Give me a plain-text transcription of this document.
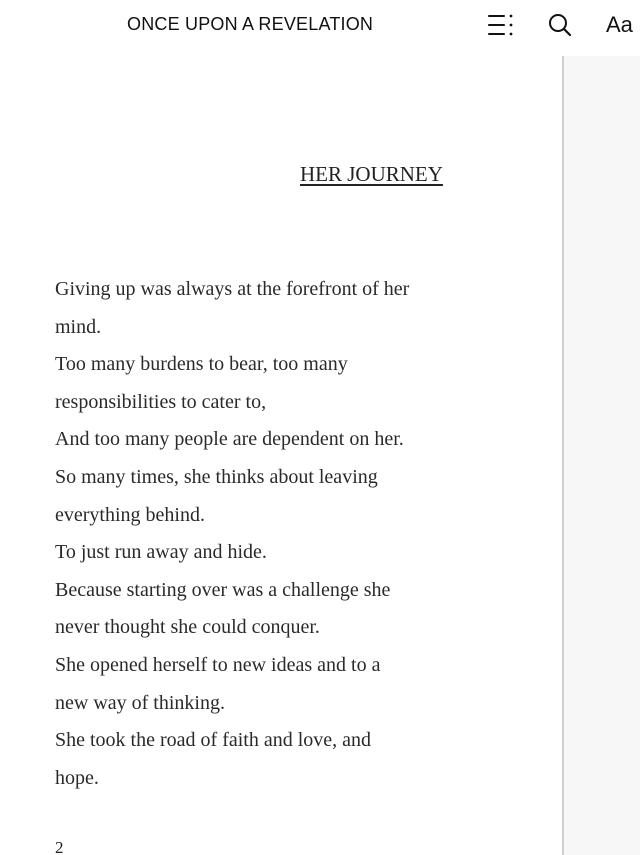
ONCE UPON A REVELATION	Aa
HER JOURNEY
Giving up was always at the forefront of her
mind.
Too many burdens to bear, too many
responsibilities to cater to,
And too many people are dependent on her.
So many times, she thinks about leaving
everything behind.
To just run away and hide.
Because starting over was a challenge she
never thought she could conquer.
She opened herself to new ideas and to a
new way of thinking.
She took the road of faith and love, and
hope.
2
